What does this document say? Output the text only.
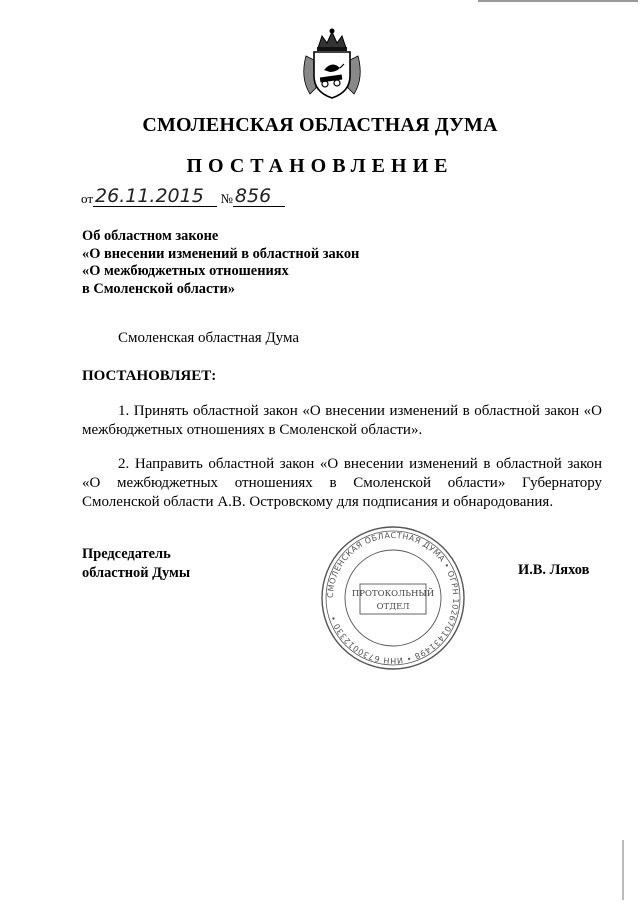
СМОЛЕНСКАЯ ОБЛАСТНАЯ ДУМА
ПОСТАНОВЛЕНИЕ
от 26.11.2015 № 856
Об областном законе
«О внесении изменений в областной закон
«О межбюджетных отношениях
в Смоленской области»
Смоленская областная Дума
ПОСТАНОВЛЯЕТ:
1. Принять областной закон «О внесении изменений в областной закон «О межбюджетных отношениях в Смоленской области».
2. Направить областной закон «О внесении изменений в областной закон «О межбюджетных отношениях в Смоленской области» Губернатору Смоленской области А.В. Островскому для подписания и обнародования.
Председатель
областной Думы
СМОЛЕНСКАЯ ОБЛАСТНАЯ ДУМА • ОГРН 1026701431498 • ИНН 6730012330 •
ПРОТОКОЛЬНЫЙ
ОТДЕЛ
И.В. Ляхов
